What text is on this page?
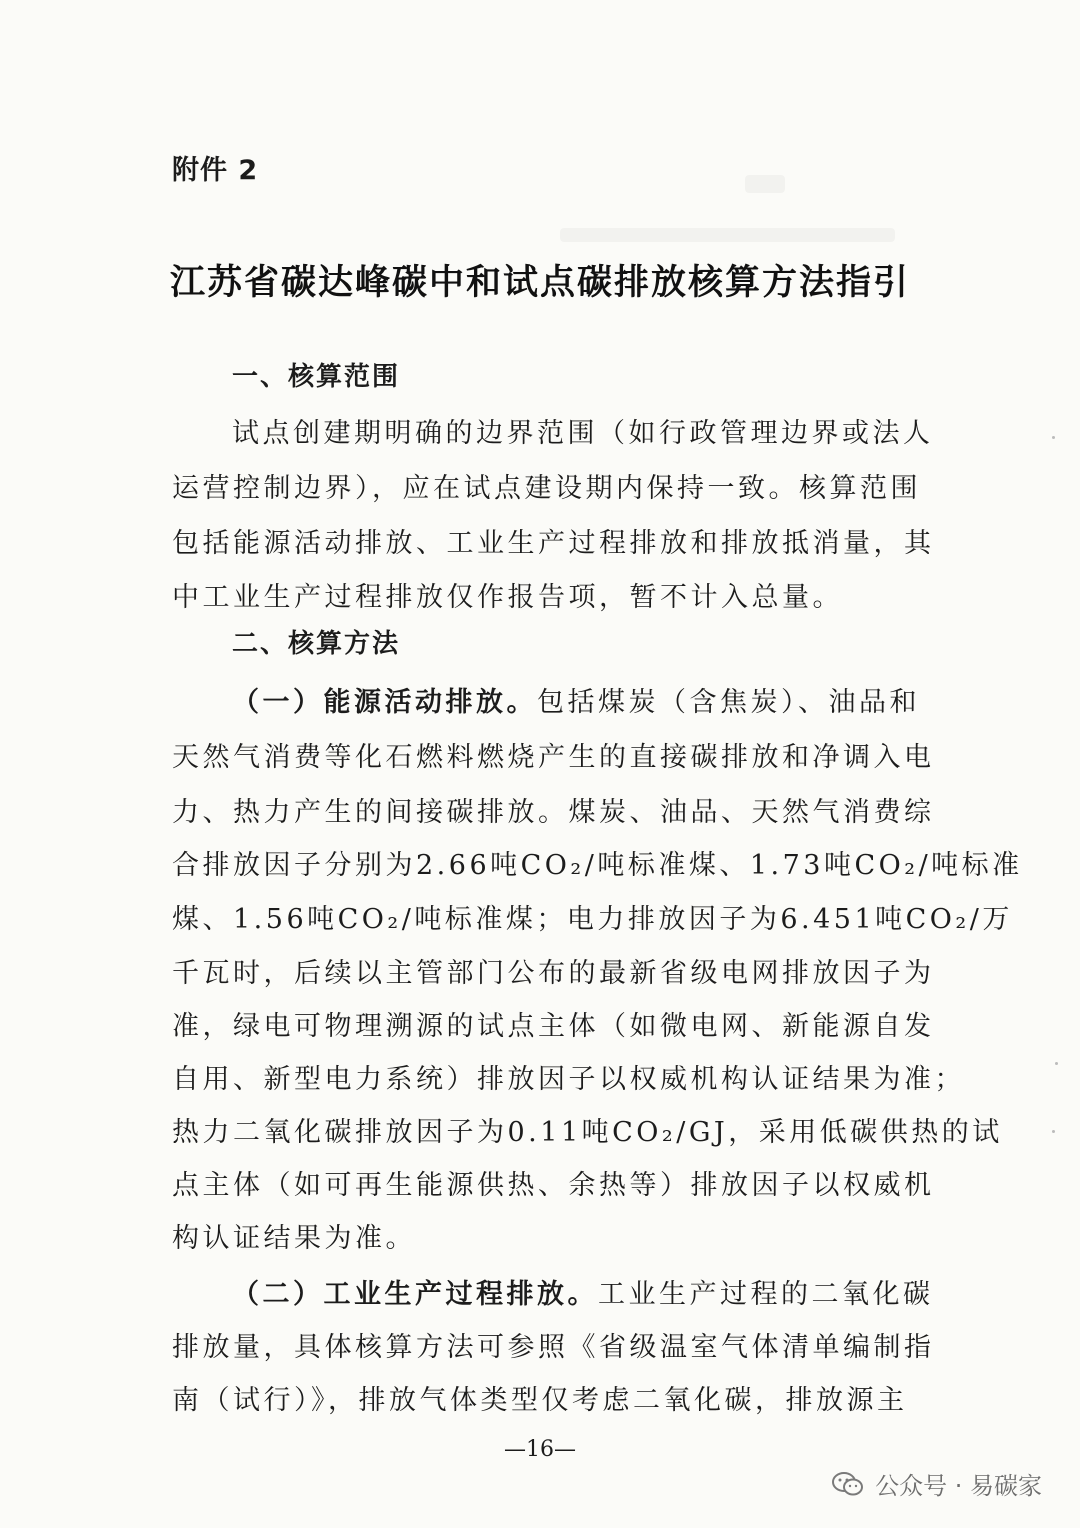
附件 2
江苏省碳达峰碳中和试点碳排放核算方法指引
一、核算范围
试点创建期明确的边界范围（如行政管理边界或法人
运营控制边界），应在试点建设期内保持一致。核算范围
包括能源活动排放、工业生产过程排放和排放抵消量，其
中工业生产过程排放仅作报告项，暂不计入总量。
二、核算方法
（一）能源活动排放。包括煤炭（含焦炭）、油品和
天然气消费等化石燃料燃烧产生的直接碳排放和净调入电
力、热力产生的间接碳排放。煤炭、油品、天然气消费综
合排放因子分别为2.66吨CO₂/吨标准煤、1.73吨CO₂/吨标准
煤、1.56吨CO₂/吨标准煤；电力排放因子为6.451吨CO₂/万
千瓦时，后续以主管部门公布的最新省级电网排放因子为
准，绿电可物理溯源的试点主体（如微电网、新能源自发
自用、新型电力系统）排放因子以权威机构认证结果为准；
热力二氧化碳排放因子为0.11吨CO₂/GJ，采用低碳供热的试
点主体（如可再生能源供热、余热等）排放因子以权威机
构认证结果为准。
（二）工业生产过程排放。工业生产过程的二氧化碳
排放量，具体核算方法可参照《省级温室气体清单编制指
南（试行）》，排放气体类型仅考虑二氧化碳，排放源主
—16—
公众号 · 易碳家
